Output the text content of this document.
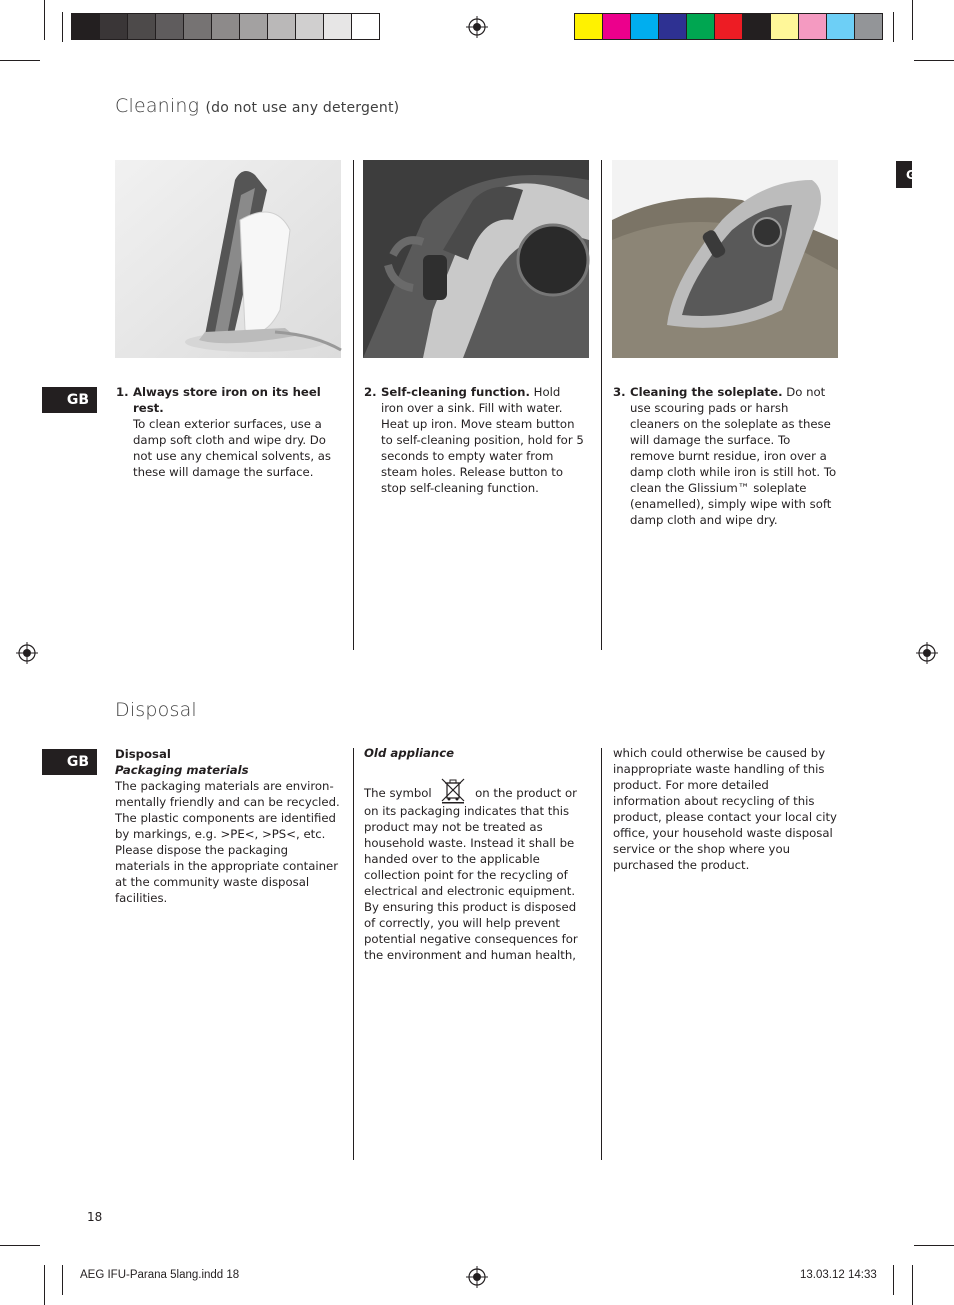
Cleaning (do not use any detergent)
G
GB	1. Always store iron on its heel rest.
To clean exterior surfaces, use a damp soft cloth and wipe dry. Do not use any chemical solvents, as these will damage the surface.
2. Self-cleaning function. Hold iron over a sink. Fill with water. Heat up iron. Move steam button to self-cleaning position, hold for 5 seconds to empty water from steam holes. Release button to stop self-cleaning function.
3. Cleaning the soleplate. Do not use scouring pads or harsh cleaners on the soleplate as these will damage the surface. To remove burnt residue, iron over a damp cloth while iron is still hot. To clean the Glissium™ soleplate (enamelled), simply wipe with soft damp cloth and wipe dry.
Disposal
GB	Disposal
Packaging materials
The packaging materials are environ-mentally friendly and can be recycled. The plastic components are identified by markings, e.g. >PE<, >PS<, etc. Please dispose the packaging materials in the appropriate container at the community waste disposal facilities.
Old appliance
The symbol	on the product or on its packaging indicates that this product may not be treated as household waste. Instead it shall be handed over to the applicable collection point for the recycling of electrical and electronic equipment. By ensuring this product is disposed of correctly, you will help prevent potential negative consequences for the environment and human health,
which could otherwise be caused by inappropriate waste handling of this product. For more detailed information about recycling of this product, please contact your local city office, your household waste disposal service or the shop where you purchased the product.
18
AEG IFU-Parana 5lang.indd 18	13.03.12 14:33
